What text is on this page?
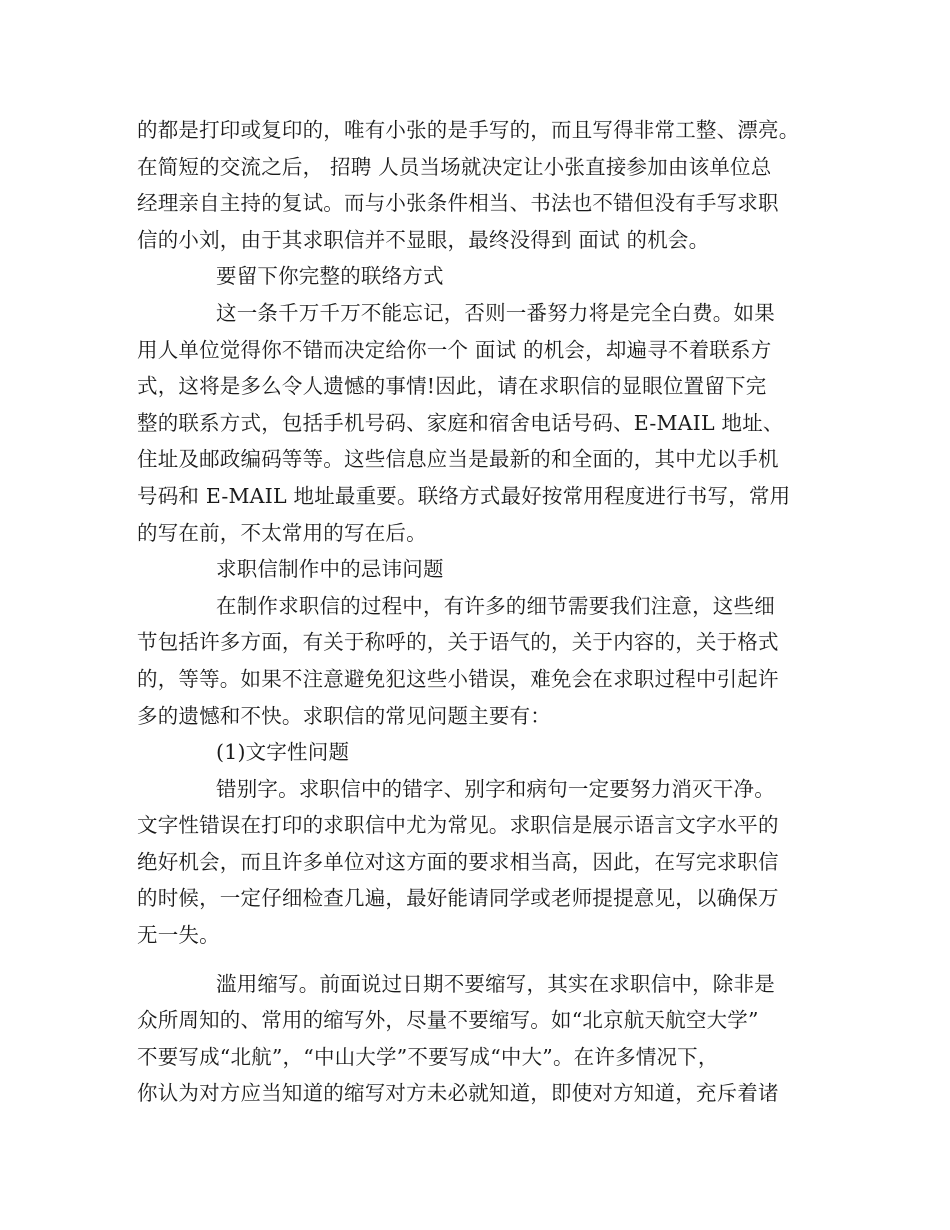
的都是打印或复印的，唯有小张的是手写的，而且写得非常工整、漂亮。
在简短的交流之后， 招聘 人员当场就决定让小张直接参加由该单位总
经理亲自主持的复试。而与小张条件相当、书法也不错但没有手写求职
信的小刘，由于其求职信并不显眼，最终没得到 面试 的机会。
要留下你完整的联络方式
这一条千万千万不能忘记，否则一番努力将是完全白费。如果
用人单位觉得你不错而决定给你一个 面试 的机会，却遍寻不着联系方
式，这将是多么令人遗憾的事情!因此，请在求职信的显眼位置留下完
整的联系方式，包括手机号码、家庭和宿舍电话号码、E-MAIL 地址、
住址及邮政编码等等。这些信息应当是最新的和全面的，其中尤以手机
号码和 E-MAIL 地址最重要。联络方式最好按常用程度进行书写，常用
的写在前，不太常用的写在后。
求职信制作中的忌讳问题
在制作求职信的过程中，有许多的细节需要我们注意，这些细
节包括许多方面，有关于称呼的，关于语气的，关于内容的，关于格式
的，等等。如果不注意避免犯这些小错误，难免会在求职过程中引起许
多的遗憾和不快。求职信的常见问题主要有：
(1)文字性问题
错别字。求职信中的错字、别字和病句一定要努力消灭干净。
文字性错误在打印的求职信中尤为常见。求职信是展示语言文字水平的
绝好机会，而且许多单位对这方面的要求相当高，因此，在写完求职信
的时候，一定仔细检查几遍，最好能请同学或老师提提意见，以确保万
无一失。
滥用缩写。前面说过日期不要缩写，其实在求职信中，除非是
众所周知的、常用的缩写外，尽量不要缩写。如“北京航天航空大学”
不要写成“北航”，“中山大学”不要写成“中大”。在许多情况下，
你认为对方应当知道的缩写对方未必就知道，即使对方知道，充斥着诸
